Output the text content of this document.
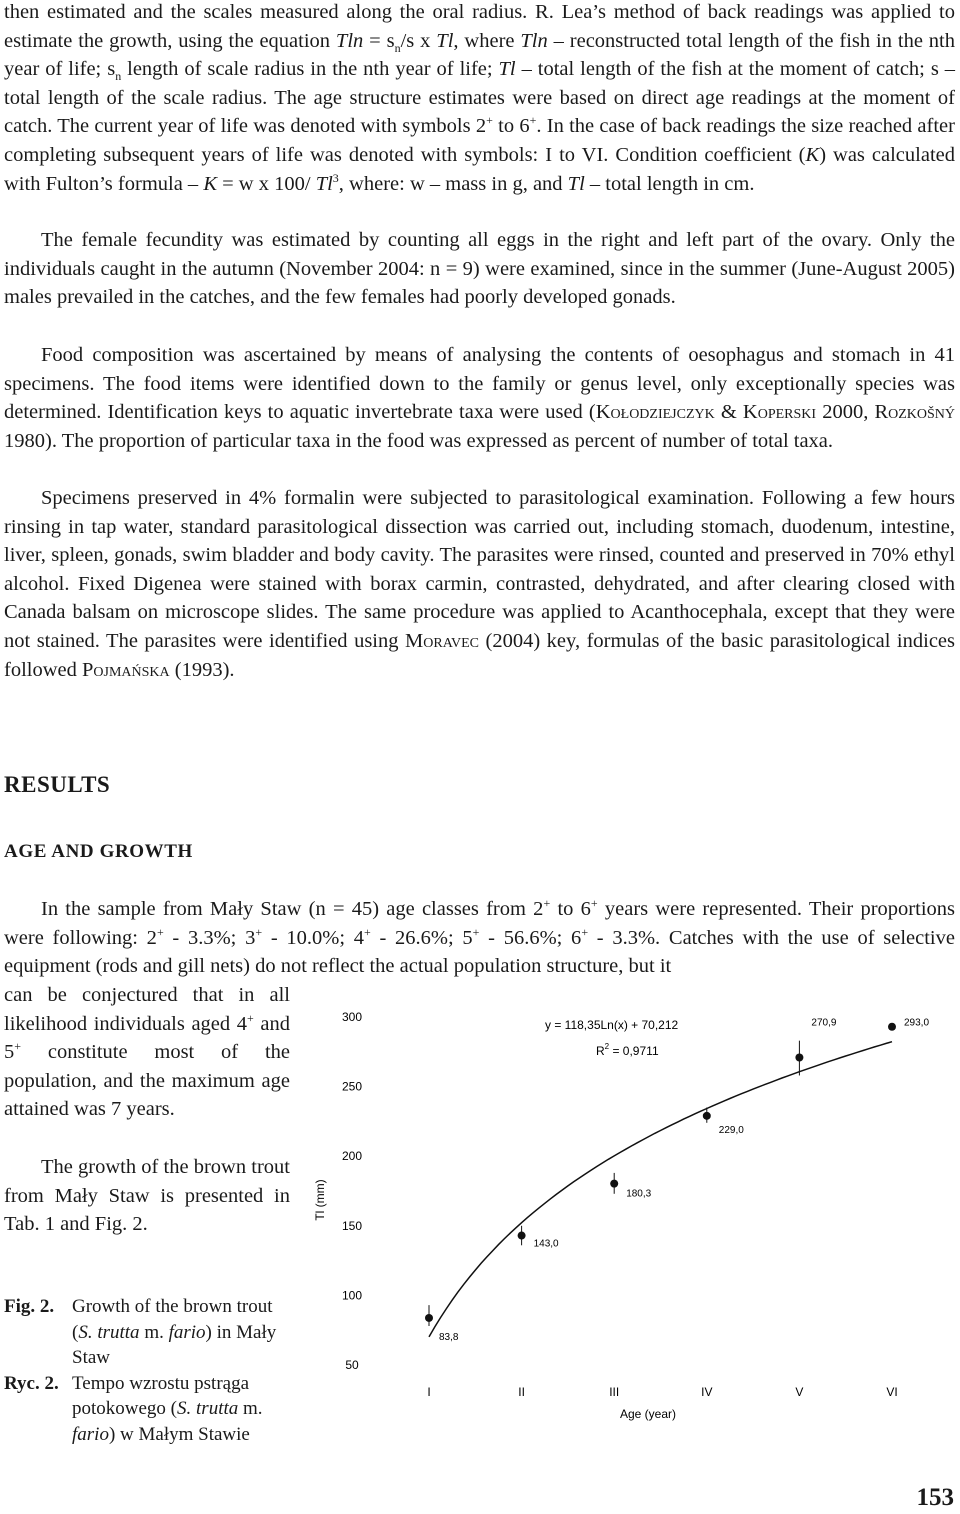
then estimated and the scales measured along the oral radius. R. Lea’s method of back readings was applied to estimate the growth, using the equation $Tln = s_n/s$ x Tl, where Tln – reconstructed total length of the fish in the nth year of life; $s_n$ length of scale radius in the nth year of life; Tl – total length of the fish at the moment of catch; s – total length of the scale radius. The age structure estimates were based on direct age readings at the moment of catch. The current year of life was denoted with symbols 2+ to 6+. In the case of back readings the size reached after completing subsequent years of life was denoted with symbols: I to VI. Condition coefficient (K) was calculated with Fulton’s formula – K = w x 100/ Tl$^3$, where: w – mass in g, and Tl – total length in cm.
The female fecundity was estimated by counting all eggs in the right and left part of the ovary. Only the individuals caught in the autumn (November 2004: n = 9) were examined, since in the summer (June-August 2005) males prevailed in the catches, and the few females had poorly developed gonads.
Food composition was ascertained by means of analysing the contents of oesophagus and stomach in 41 specimens. The food items were identified down to the family or genus level, only exceptionally species was determined. Identification keys to aquatic invertebrate taxa were used (Kołodziejczyk & Koperski 2000, Rozkošný 1980). The proportion of particular taxa in the food was expressed as percent of number of total taxa.
Specimens preserved in 4% formalin were subjected to parasitological examination. Following a few hours rinsing in tap water, standard parasitological dissection was carried out, including stomach, duodenum, intestine, liver, spleen, gonads, swim bladder and body cavity. The parasites were rinsed, counted and preserved in 70% ethyl alcohol. Fixed Digenea were stained with borax carmin, contrasted, dehydrated, and after clearing closed with Canada balsam on microscope slides. The same procedure was applied to Acanthocephala, except that they were not stained. The parasites were identified using Moravec (2004) key, formulas of the basic parasitological indices followed Pojmańska (1993).
RESULTS
AGE AND GROWTH
In the sample from Mały Staw (n = 45) age classes from 2+ to 6+ years were represented. Their proportions were following: 2+ - 3.3%; 3+ - 10.0%; 4+ - 26.6%; 5+ - 56.6%; 6+ - 3.3%. Catches with the use of selective equipment (rods and gill nets) do not reflect the actual population structure, but it
can be conjectured that in all likelihood individuals aged 4+ and 5+ constitute most of the population, and the maximum age attained was 7 years.
The growth of the brown trout from Mały Staw is presented in Tab. 1 and Fig. 2.
Fig. 2. Growth of the brown trout (S. trutta m. fario) in Mały Staw
Ryc. 2. Tempo wzrostu pstrąga potokowego (S. trutta m. fario) w Małym Stawie
50
100
150
200
250
300
Tl (mm)
I	II	III	IV	V	VI
Age (year)
83,8
143,0
180,3
229,0
270,9	293,0
y = 118,35Ln(x) + 70,212
$R^2 = 0,9711$
153
